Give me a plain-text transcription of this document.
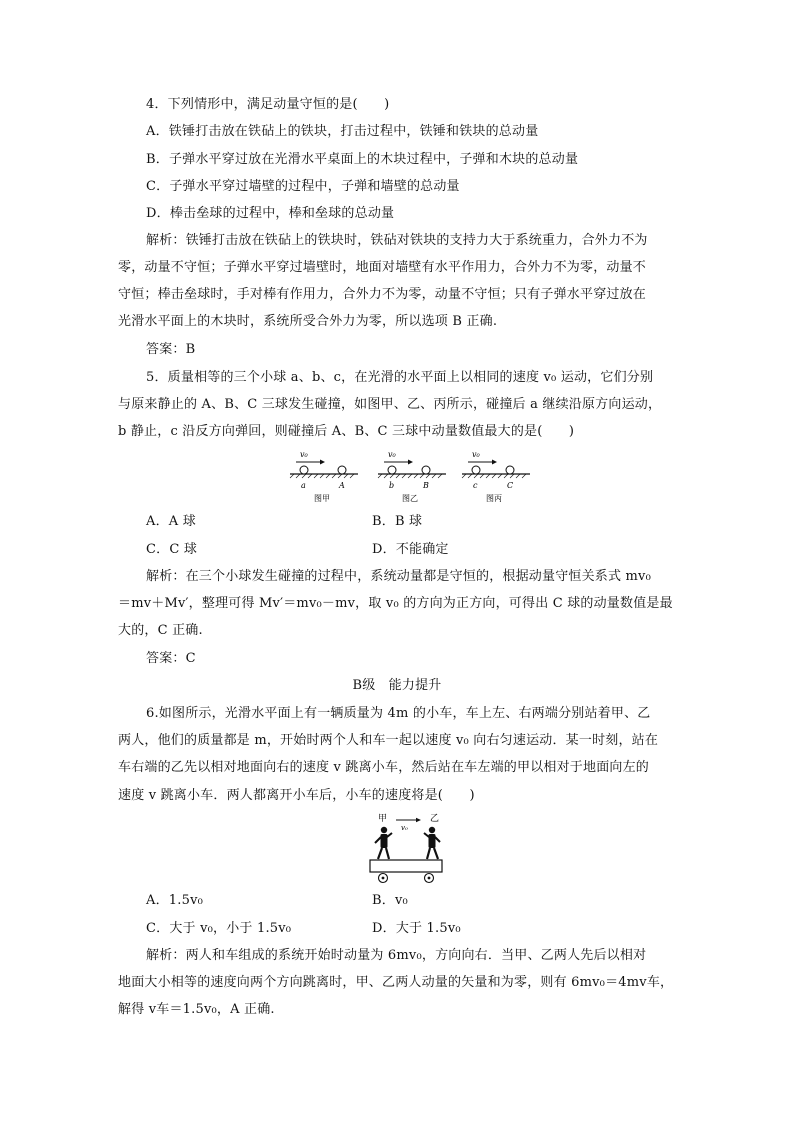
4．下列情形中，满足动量守恒的是(　　)
A．铁锤打击放在铁砧上的铁块，打击过程中，铁锤和铁块的总动量
B．子弹水平穿过放在光滑水平桌面上的木块过程中，子弹和木块的总动量
C．子弹水平穿过墙壁的过程中，子弹和墙壁的总动量
D．棒击垒球的过程中，棒和垒球的总动量
解析：铁锤打击放在铁砧上的铁块时，铁砧对铁块的支持力大于系统重力，合外力不为
零，动量不守恒；子弹水平穿过墙壁时，地面对墙壁有水平作用力，合外力不为零，动量不
守恒；棒击垒球时，手对棒有作用力，合外力不为零，动量不守恒；只有子弹水平穿过放在
光滑水平面上的木块时，系统所受合外力为零，所以选项 B 正确.
答案：B
5．质量相等的三个小球 a、b、c，在光滑的水平面上以相同的速度 v₀ 运动，它们分别
与原来静止的 A、B、C 三球发生碰撞，如图甲、乙、丙所示，碰撞后 a 继续沿原方向运动，
b 静止，c 沿反方向弹回，则碰撞后 A、B、C 三球中动量数值最大的是(　　)
v₀
a	A
图甲
v₀
b	B
图乙
v₀
c	C
图丙
A．A 球	B．B 球
C．C 球	D．不能确定
解析：在三个小球发生碰撞的过程中，系统动量都是守恒的，根据动量守恒关系式 mv₀
＝mv＋Mv′，整理可得 Mv′＝mv₀－mv，取 v₀ 的方向为正方向，可得出 C 球的动量数值是最
大的，C 正确.
答案：C
B级　能力提升
6.如图所示，光滑水平面上有一辆质量为 4m 的小车，车上左、右两端分别站着甲、乙
两人，他们的质量都是 m，开始时两个人和车一起以速度 v₀ 向右匀速运动．某一时刻，站在
车右端的乙先以相对地面向右的速度 v 跳离小车，然后站在车左端的甲以相对于地面向左的
速度 v 跳离小车．两人都离开小车后，小车的速度将是(　　)
甲	乙
v₀
A．1.5v₀	B．v₀
C．大于 v₀，小于 1.5v₀	D．大于 1.5v₀
解析：两人和车组成的系统开始时动量为 6mv₀，方向向右．当甲、乙两人先后以相对
地面大小相等的速度向两个方向跳离时，甲、乙两人动量的矢量和为零，则有 6mv₀＝4mv车，
解得 v车＝1.5v₀，A 正确.
